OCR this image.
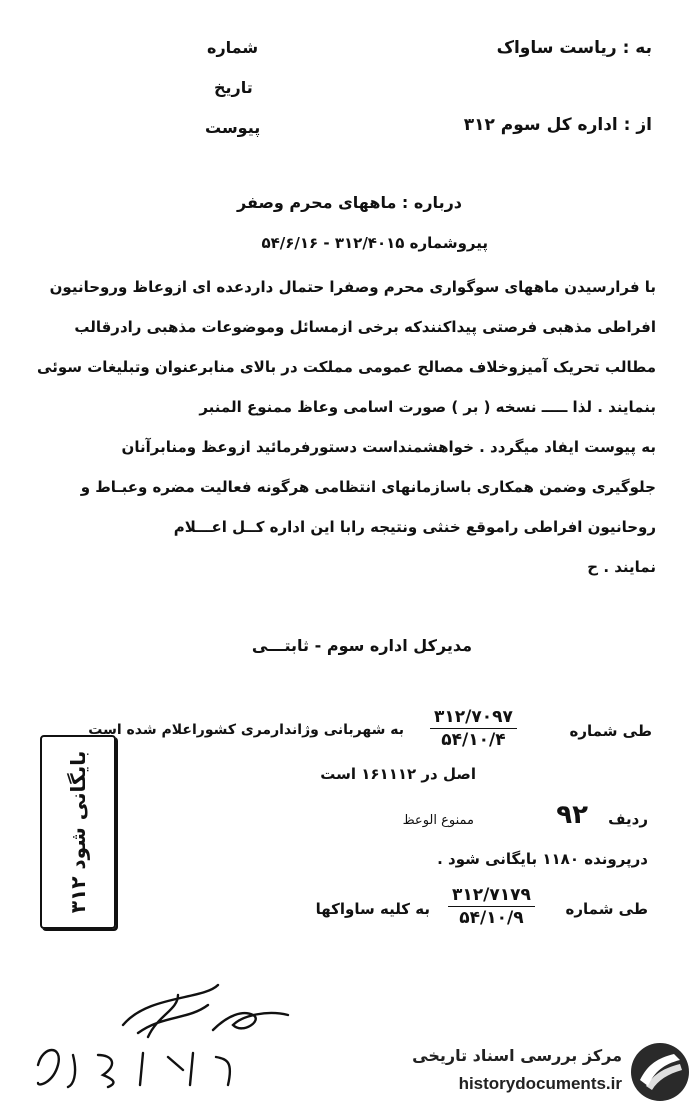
به : ریاست ساواک
از : اداره کل سوم ۳۱۲
شماره
تاریخ
پیوست
درباره : ماههای محرم وصفر
پیروشماره ۳۱۲/۴۰۱۵ - ۵۴/۶/۱۶
با فرارسیدن ماههای سوگواری محرم وصفرا حتمال داردعده ای ازوعاظ وروحانیون
افراطی مذهبی فرصتی پیداکنندکه برخی ازمسائل وموضوعات مذهبی رادرقالب
مطالب تحریک آمیزوخلاف مصالح عمومی مملکت در بالای منابرعنوان وتبلیغات سوئی
بنمایند . لذا ـــــ نسخه ( بر ) صورت اسامی وعاظ ممنوع المنبر
به پیوست ایفاد میگردد . خواهشمنداست دستورفرمائید ازوعظ ومنابرآنان
جلوگیری وضمن همکاری باسازمانهای انتظامی هرگونه فعالیت مضره وعبـاط و
روحانیون افراطی راموقع خنثی ونتیجه رابا این اداره کــل اعـــلام
نمایند . ح
مدیرکل اداره سوم - ثابتـــی
طی شماره
۳۱۲/۷۰۹۷
۵۴/۱۰/۴
به شهربانی وژاندارمری کشوراعلام شده است
اصل در ۱۶۱۱۱۲ است
ردیف
۹۲
ممنوع الوعظ
درپرونده ۱۱۸۰ بایگانی شود .
طی شماره
۳۱۲/۷۱۷۹
۵۴/۱۰/۹
به کلیه ساواکها
بایگانی شود ۳۱۲
مرکز بررسی اسناد تاریخی
historydocuments.ir
